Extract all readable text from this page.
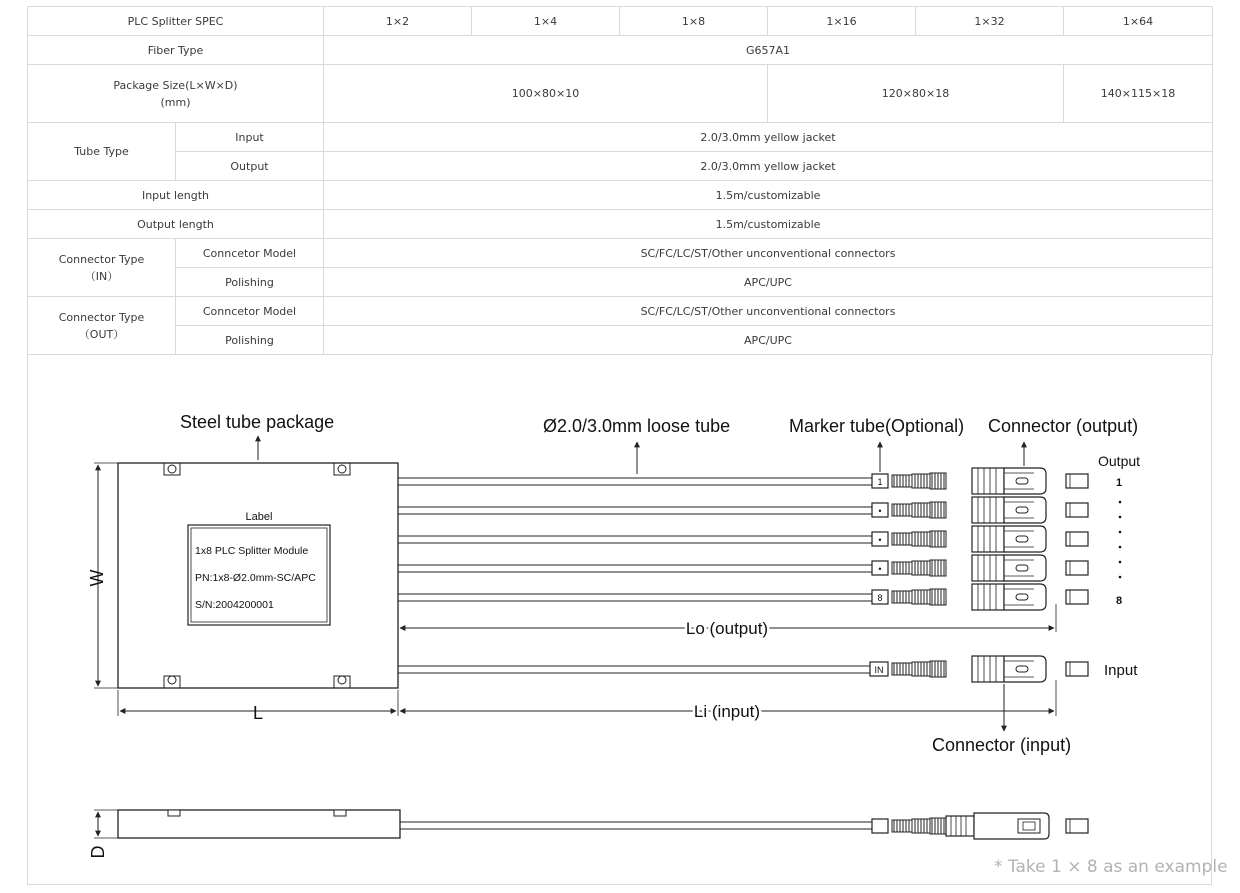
PLC Splitter SPEC		1×2	1×4	1×8	1×16	1×32	1×64
Fiber Type		G657A1					

Package Size(L×W×D)
(mm)		100×80×10			120×80×18		140×115×18
Tube Type	Input	2.0/3.0mm yellow jacket					
	Output	2.0/3.0mm yellow jacket					
Input length		1.5m/customizable					
Output length		1.5m/customizable					

Connector Type
（IN）	Conncetor Model	SC/FC/LC/ST/Other unconventional connectors					
	Polishing	APC/UPC					

Connector Type
（OUT）	Conncetor Model	SC/FC/LC/ST/Other unconventional connectors					
	Polishing	APC/UPC					
Label
1x8 PLC Splitter Module
PN:1x8-Ø2.0mm-SC/APC
S/N:2004200001
1
•
•
•
8
IN
Output
1
8
Input
Steel tube package	Ø2.0/3.0mm loose tube	Marker tube(Optional) Connector (output)
Connector (input)
W
L
Lo (output)
Li (input)
D
* Take 1 × 8 as an example
